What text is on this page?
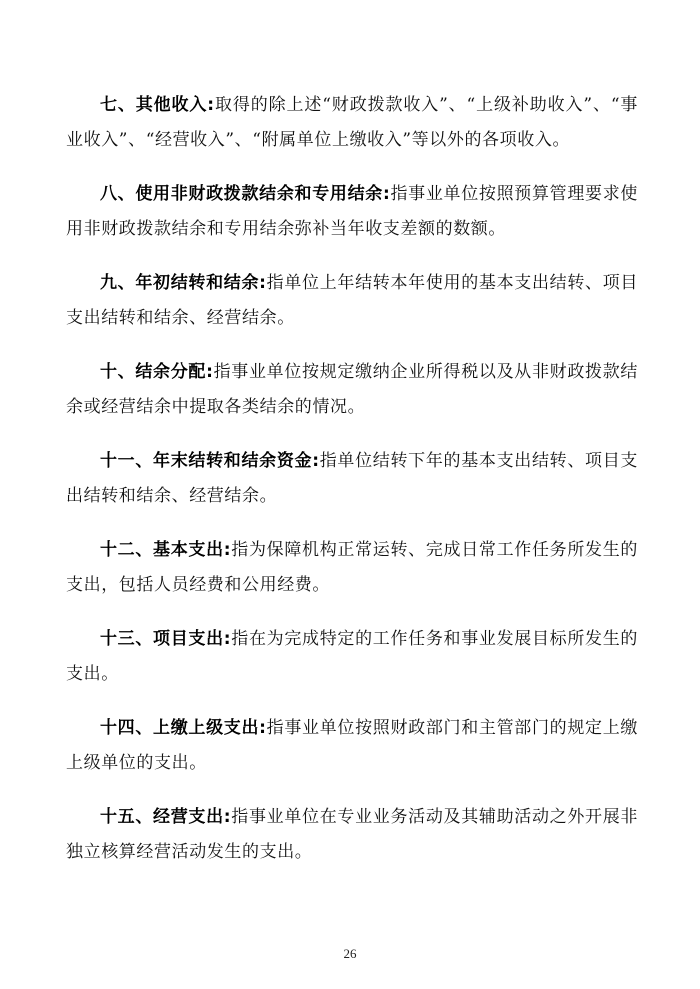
七、其他收入:取得的除上述“财政拨款收入”、“上级补助收入”、“事业收入”、“经营收入”、“附属单位上缴收入”等以外的各项收入。

八、使用非财政拨款结余和专用结余:指事业单位按照预算管理要求使用非财政拨款结余和专用结余弥补当年收支差额的数额。

九、年初结转和结余:指单位上年结转本年使用的基本支出结转、项目支出结转和结余、经营结余。

十、结余分配:指事业单位按规定缴纳企业所得税以及从非财政拨款结余或经营结余中提取各类结余的情况。

十一、年末结转和结余资金:指单位结转下年的基本支出结转、项目支出结转和结余、经营结余。

十二、基本支出:指为保障机构正常运转、完成日常工作任务所发生的支出，包括人员经费和公用经费。

十三、项目支出:指在为完成特定的工作任务和事业发展目标所发生的支出。

十四、上缴上级支出:指事业单位按照财政部门和主管部门的规定上缴上级单位的支出。

十五、经营支出:指事业单位在专业业务活动及其辅助活动之外开展非独立核算经营活动发生的支出。

26
